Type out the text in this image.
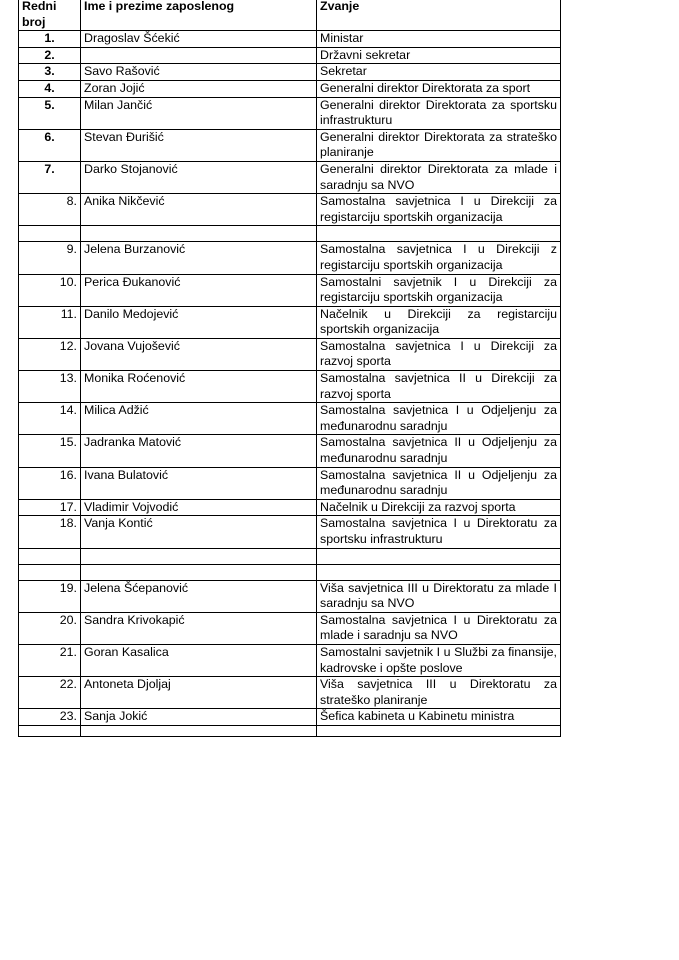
Redni broj	Ime i prezime zaposlenog	Zvanje
1.	Dragoslav Šćekić	Ministar
2.		Državni sekretar
3.	Savo Rašović	Sekretar
4.	Zoran Jojić	Generalni direktor Direktorata za sport
5.	Milan Jančić	Generalni direktor Direktorata za sportsku infrastrukturu
6.	Stevan Đurišić	Generalni direktor Direktorata za strateško planiranje
7.	Darko Stojanović	Generalni direktor Direktorata za mlade i saradnju sa NVO
8.	Anika Nikčević	Samostalna savjetnica I u Direkciji za registarciju sportskih organizacija

9.	Jelena Burzanović	Samostalna savjetnica I u Direkciji z registarciju sportskih organizacija
10.	Perica Đukanović	Samostalni savjetnik I u Direkciji za registarciju sportskih organizacija
11.	Danilo Medojević	Načelnik u Direkciji za registarciju sportskih organizacija
12.	Jovana Vujošević	Samostalna savjetnica I u Direkciji za razvoj sporta
13.	Monika Roćenović	Samostalna savjetnica II u Direkciji za razvoj sporta
14.	Milica Adžić	Samostalna savjetnica I u Odjeljenju za međunarodnu saradnju
15.	Jadranka Matović	Samostalna savjetnica II u Odjeljenju za međunarodnu saradnju
16.	Ivana Bulatović	Samostalna savjetnica II u Odjeljenju za međunarodnu saradnju
17.	Vladimir Vojvodić	Načelnik u Direkciji za razvoj sporta
18.	Vanja Kontić	Samostalna savjetnica I u Direktoratu za sportsku infrastrukturu

19.	Jelena Šćepanović	Viša savjetnica III u Direktoratu za mlade I saradnju sa NVO
20.	Sandra Krivokapić	Samostalna savjetnica I u Direktoratu za mlade i saradnju sa NVO
21.	Goran Kasalica	Samostalni savjetnik I u Službi za finansije, kadrovske i opšte poslove
22.	Antoneta Djoljaj	Viša savjetnica III u Direktoratu za strateško planiranje
23.	Sanja Jokić	Šefica kabineta u Kabinetu ministra
